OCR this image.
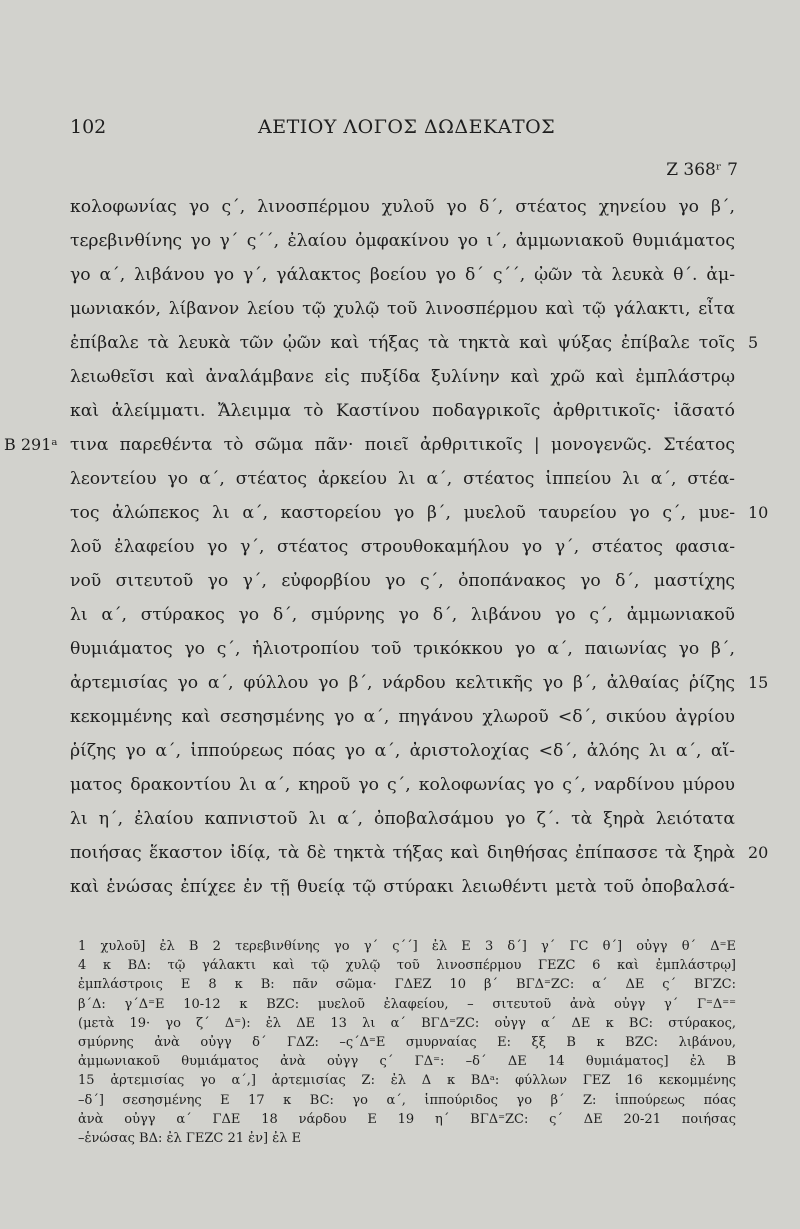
102	ΑΕΤΙΟΥ ΛΟΓΟΣ ΔΩΔΕΚΑΤΟΣ
Z 368ʳ 7
κολοφωνίας γο ς΄, λινοσπέρμου χυλοῦ γο δ΄, στέατος χηνείου γο β΄,
τερεβινθίνης γο γ΄ ς΄΄, ἐλαίου ὀμφακίνου γο ι΄, ἀμμωνιακοῦ θυμιάματος
γο α΄, λιβάνου γο γ΄, γάλακτος βοείου γο δ΄ ς΄΄, ᾠῶν τὰ λευκὰ θ΄. ἀμ-
μωνιακόν, λίβανον λείου τῷ χυλῷ τοῦ λινοσπέρμου καὶ τῷ γάλακτι, εἶτα
ἐπίβαλε τὰ λευκὰ τῶν ᾠῶν καὶ τήξας τὰ τηκτὰ καὶ ψύξας ἐπίβαλε τοῖς 5
λειωθεῖσι καὶ ἀναλάμβανε εἰς πυξίδα ξυλίνην καὶ χρῶ καὶ ἐμπλάστρῳ
καὶ ἀλείμματι. Ἄλειμμα τὸ Καστίνου ποδαγρικοῖς ἀρθριτικοῖς· ἰᾶσατό
B 291ᵃ τινα παρεθέντα τὸ σῶμα πᾶν· ποιεῖ ἀρθριτικοῖς | μονογενῶς. Στέατος
λεοντείου γο α΄, στέατος ἀρκείου λι α΄, στέατος ἱππείου λι α΄, στέα-
τος ἀλώπεκος λι α΄, καστορείου γο β΄, μυελοῦ ταυρείου γο ς΄, μυε- 10
λοῦ ἐλαφείου γο γ΄, στέατος στρουθοκαμήλου γο γ΄, στέατος φασια-
νοῦ σιτευτοῦ γο γ΄, εὐφορβίου γο ς΄, ὀποπάνακος γο δ΄, μαστίχης
λι α΄, στύρακος γο δ΄, σμύρνης γο δ΄, λιβάνου γο ς΄, ἀμμωνιακοῦ
θυμιάματος γο ς΄, ἡλιοτροπίου τοῦ τρικόκκου γο α΄, παιωνίας γο β΄,
ἀρτεμισίας γο α΄, φύλλου γο β΄, νάρδου κελτικῆς γο β΄, ἀλθαίας ῥίζης 15
κεκομμένης καὶ σεσησμένης γο α΄, πηγάνου χλωροῦ <δ΄, σικύου ἀγρίου
ῥίζης γο α΄, ἱππούρεως πόας γο α΄, ἀριστολοχίας <δ΄, ἀλόης λι α΄, αἵ-
ματος δρακοντίου λι α΄, κηροῦ γο ς΄, κολοφωνίας γο ς΄, ναρδίνου μύρου
λι η΄, ἐλαίου καπνιστοῦ λι α΄, ὀποβαλσάμου γο ζ΄. τὰ ξηρὰ λειότατα
ποιήσας ἕκαστον ἰδίᾳ, τὰ δὲ τηκτὰ τήξας καὶ διηθήσας ἐπίπασσε τὰ ξηρὰ 20
καὶ ἑνώσας ἐπίχεε ἐν τῇ θυείᾳ τῷ στύρακι λειωθέντι μετὰ τοῦ ὀποβαλσά-
1 χυλοῦ] ἐλ B 2 τερεβινθίνης γο γ΄ ς΄΄] ἐλ E 3 δ΄] γ΄ ΓC θ΄] οὐγγ θ΄ Δ⁼E
4 κ BΔ: τῷ γάλακτι καὶ τῷ χυλῷ τοῦ λινοσπέρμου ΓEZC 6 καὶ ἐμπλάστρῳ]
ἐμπλάστροις E 8 κ B: πᾶν σῶμα· ΓΔEZ 10 β΄ BΓΔ⁼ZC: α΄ ΔE ς΄ BΓZC:
β΄Δ: γ΄Δ⁼E 10-12 κ BZC: μυελοῦ ἐλαφείου, – σιτευτοῦ ἀνὰ οὐγγ γ΄ Γ⁼Δ⁼⁼
(μετὰ 19· γο ζ΄ Δ⁼): ἐλ ΔE 13 λι α΄ BΓΔ⁼ZC: οὐγγ α΄ ΔE κ BC: στύρακος,
σμύρνης ἀνὰ οὐγγ δ΄ ΓΔZ: –ς΄Δ⁼E σμυρναίας E: ξξ B κ BZC: λιβάνου,
ἀμμωνιακοῦ θυμιάματος ἀνὰ οὐγγ ς΄ ΓΔ⁼: –δ΄ ΔE 14 θυμιάματος] ἐλ B
15 ἀρτεμισίας γο α΄,] ἀρτεμισίας Z: ἐλ Δ κ BΔᵃ: φύλλων ΓEZ 16 κεκομμένης
–δ΄] σεσησμένης E 17 κ BC: γο α΄, ἱππούριδος γο β΄ Z: ἱππούρεως πόας
ἀνὰ οὐγγ α΄ ΓΔE 18 νάρδου E 19 η΄ BΓΔ⁼ZC: ς΄ ΔE 20-21 ποιήσας
–ἑνώσας BΔ: ἐλ ΓEZC 21 ἐν] ἐλ E
